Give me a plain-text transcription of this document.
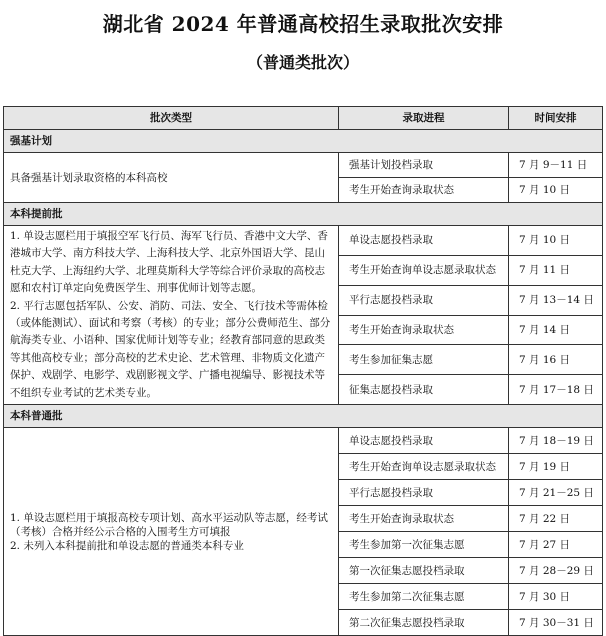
湖北省 2024 年普通高校招生录取批次安排
（普通类批次）
批次类型	录取进程	时间安排
强基计划		
具备强基计划录取资格的本科高校	强基计划投档录取	7 月 9－11 日
	考生开始查询录取状态	7 月 10 日
本科提前批		
1. 单设志愿栏用于填报空军飞行员、海军飞行员、香港中文大学、香港城市大学、南方科技大学、上海科技大学、北京外国语大学、昆山杜克大学、上海纽约大学、北理莫斯科大学等综合评价录取的高校志愿和农村订单定向免费医学生、刑事优师计划等志愿。
2. 平行志愿包括军队、公安、消防、司法、安全、飞行技术等需体检（或体能测试）、面试和考察（考核）的专业；部分公费师范生、部分航海类专业、小语种、国家优师计划等专业；经教育部同意的思政类等其他高校专业；部分高校的艺术史论、艺术管理、非物质文化遗产保护、戏剧学、电影学、戏剧影视文学、广播电视编导、影视技术等不组织专业考试的艺术类专业。	单设志愿投档录取	7 月 10 日
	考生开始查询单设志愿录取状态	7 月 11 日
	平行志愿投档录取	7 月 13－14 日
	考生开始查询录取状态	7 月 14 日
	考生参加征集志愿	7 月 16 日
	征集志愿投档录取	7 月 17－18 日
本科普通批		
1. 单设志愿栏用于填报高校专项计划、高水平运动队等志愿，经考试（考核）合格并经公示合格的入围考生方可填报
2. 未列入本科提前批和单设志愿的普通类本科专业	单设志愿投档录取	7 月 18－19 日
	考生开始查询单设志愿录取状态	7 月 19 日
	平行志愿投档录取	7 月 21－25 日
	考生开始查询录取状态	7 月 22 日
	考生参加第一次征集志愿	7 月 27 日
	第一次征集志愿投档录取	7 月 28－29 日
	考生参加第二次征集志愿	7 月 30 日
	第二次征集志愿投档录取	7 月 30－31 日
